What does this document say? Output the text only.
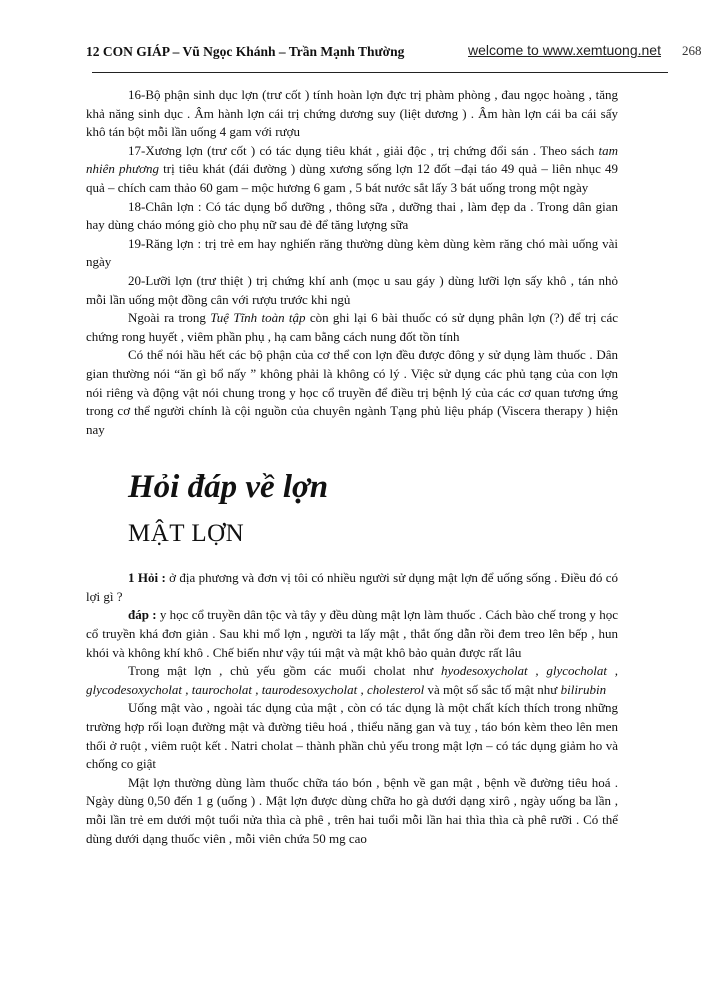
12 CON GIÁP – Vũ Ngọc Khánh – Trần Mạnh Thường	welcome to www.xemtuong.net 268

16-Bộ phận sinh dục lợn (trư cốt ) tính hoàn lợn đực trị phàm phòng , đau ngọc hoàng , tăng khả năng sinh dục . Âm hành lợn cái trị chứng dương suy (liệt dương ) . Âm hàn lợn cái ba cái sấy khô tán bột mỗi lần uống 4 gam với rượu

17-Xương lợn (trư cốt ) có tác dụng tiêu khát , giải độc , trị chứng đổi sán . Theo sách tam nhiên phương trị tiêu khát (đái đường ) dùng xương sống lợn 12 đốt –đại táo 49 quả – liên nhục 49 quả – chích cam thảo 60 gam – mộc hương 6 gam , 5 bát nước sắt lấy 3 bát uống trong một ngày

18-Chân lợn : Có tác dụng bổ dưỡng , thông sữa , dưỡng thai , làm đẹp da . Trong dân gian hay dùng cháo móng giò cho phụ nữ sau đẻ để tăng lượng sữa

19-Răng lợn : trị trẻ em hay nghiến răng thường dùng kèm dùng kèm răng chó mài uống vài ngày

20-Lưỡi lợn (trư thiệt ) trị chứng khí anh (mọc u sau gáy ) dùng lưỡi lợn sấy khô , tán nhỏ mỗi lần uống một đồng cân với rượu trước khi ngủ

Ngoài ra trong Tuệ Tĩnh toàn tập còn ghi lại 6 bài thuốc có sử dụng phân lợn (?) để trị các chứng rong huyết , viêm phần phụ , hạ cam bằng cách nung đốt tồn tính

Có thể nói hầu hết các bộ phận của cơ thể con lợn đều được đông y sử dụng làm thuốc . Dân gian thường nói “ăn gì bổ nấy ” không phải là không có lý . Việc sử dụng các phủ tạng của con lợn nói riêng và động vật nói chung trong y học cổ truyền để điều trị bệnh lý của các cơ quan tương ứng trong cơ thể người chính là cội nguồn của chuyên ngành Tạng phủ liệu pháp (Viscera therapy ) hiện nay

Hỏi đáp về lợn
MẬT LỢN

1 Hỏi : ở địa phương và đơn vị tôi có nhiều người sử dụng mật lợn để uống sống . Điều đó có lợi gì ?

đáp : y học cổ truyền dân tộc và tây y đều dùng mật lợn làm thuốc . Cách bào chế trong y học cổ truyền khá đơn giản . Sau khi mổ lợn , người ta lấy mật , thắt ống dẫn rồi đem treo lên bếp , hun khói và không khí khô . Chế biến như vậy túi mật và mật khô bảo quản được rất lâu

Trong mật lợn , chủ yếu gồm các muối cholat như hyodesoxycholat , glycocholat , glycodesoxycholat , taurocholat , taurodesoxycholat , cholesterol và một số sắc tố mật như bilirubin

Uống mật vào , ngoài tác dụng của mật , còn có tác dụng là một chất kích thích trong những trường hợp rối loạn đường mật và đường tiêu hoá , thiểu năng gan và tuỵ , táo bón kèm theo lên men thối ở ruột , viêm ruột kết . Natri cholat – thành phần chủ yếu trong mật lợn – có tác dụng giảm ho và chống co giật

Mật lợn thường dùng làm thuốc chữa táo bón , bệnh về gan mật , bệnh về đường tiêu hoá . Ngày dùng 0,50 đến 1 g (uống ) . Mật lợn được dùng chữa ho gà dưới dạng xirô , ngày uống ba lần , mỗi lần trẻ em dưới một tuổi nửa thìa cà phê , trên hai tuổi mỗi lần hai thìa thìa cà phê rưỡi . Có thể dùng dưới dạng thuốc viên , mỗi viên chứa 50 mg cao
